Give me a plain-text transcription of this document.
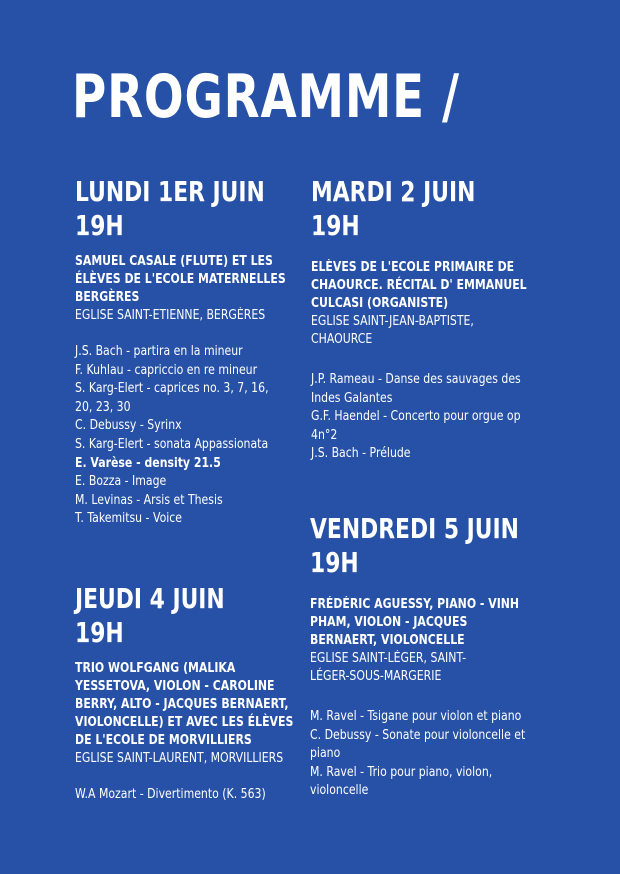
PROGRAMME /
LUNDI 1ER JUIN
19H
SAMUEL CASALE (FLUTE) ET LES ÉLÈVES DE L'ECOLE MATERNELLES BERGÈRES
EGLISE SAINT-ETIENNE, BERGÈRES
J.S. Bach - partira en la mineur
F. Kuhlau - capriccio en re mineur
S. Karg-Elert - caprices no. 3, 7, 16, 20, 23, 30
C. Debussy - Syrinx
S. Karg-Elert - sonata Appassionata
E. Varèse - density 21.5
E. Bozza - Image
M. Levinas - Arsis et Thesis
T. Takemitsu - Voice
MARDI 2 JUIN
19H
ELÈVES DE L'ECOLE PRIMAIRE DE CHAOURCE. RÉCITAL D' EMMANUEL CULCASI (ORGANISTE)
EGLISE SAINT-JEAN-BAPTISTE, CHAOURCE
J.P. Rameau - Danse des sauvages des Indes Galantes
G.F. Haendel - Concerto pour orgue op 4n°2
J.S. Bach - Prélude
JEUDI 4 JUIN
19H
TRIO WOLFGANG (MALIKA YESSETOVA, VIOLON - CAROLINE BERRY, ALTO - JACQUES BERNAERT, VIOLONCELLE) ET AVEC LES ÉLÈVES DE L'ECOLE DE MORVILLIERS
EGLISE SAINT-LAURENT, MORVILLIERS
W.A Mozart - Divertimento (K. 563)
VENDREDI 5 JUIN
19H
FRÉDÉRIC AGUESSY, PIANO - VINH PHAM, VIOLON - JACQUES BERNAERT, VIOLONCELLE
EGLISE SAINT-LÉGER, SAINT-LÉGER-SOUS-MARGERIE
M. Ravel - Tsigane pour violon et piano
C. Debussy - Sonate pour violoncelle et piano
M. Ravel - Trio pour piano, violon, violoncelle
